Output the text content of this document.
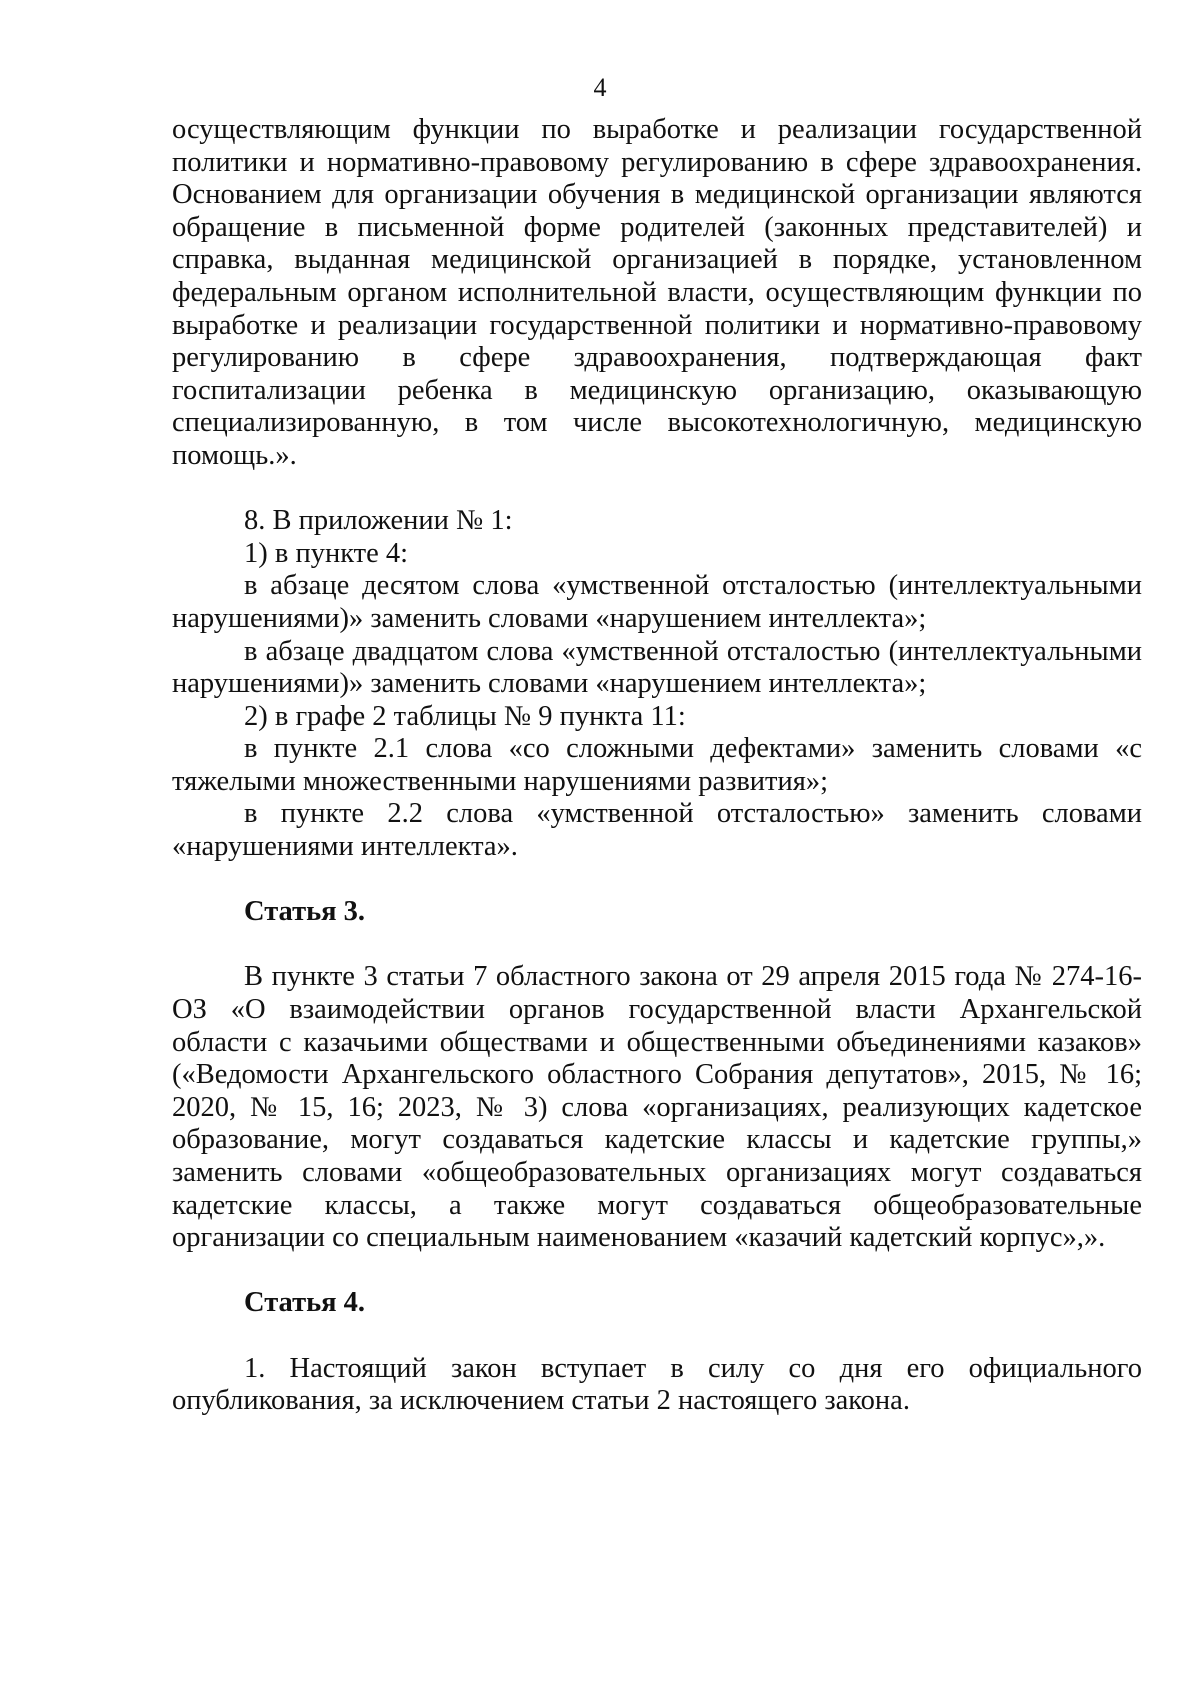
4

осуществляющим функции по выработке и реализации государственной политики и нормативно-правовому регулированию в сфере здравоохранения. Основанием для организации обучения в медицинской организации являются обращение в письменной форме родителей (законных представителей) и справка, выданная медицинской организацией в порядке, установленном федеральным органом исполнительной власти, осуществляющим функции по выработке и реализации государственной политики и нормативно-правовому регулированию в сфере здравоохранения, подтверждающая факт госпитализации ребенка в медицинскую организацию, оказывающую специализированную, в том числе высокотехнологичную, медицинскую помощь.».

8. В приложении № 1:

1) в пункте 4:

в абзаце десятом слова «умственной отсталостью (интеллектуальными нарушениями)» заменить словами «нарушением интеллекта»;

в абзаце двадцатом слова «умственной отсталостью (интеллектуальными нарушениями)» заменить словами «нарушением интеллекта»;

2) в графе 2 таблицы № 9 пункта 11:

в пункте 2.1 слова «со сложными дефектами» заменить словами «с тяжелыми множественными нарушениями развития»;

в пункте 2.2 слова «умственной отсталостью» заменить словами «нарушениями интеллекта».

Статья 3.

В пункте 3 статьи 7 областного закона от 29 апреля 2015 года № 274-16-ОЗ «О взаимодействии органов государственной власти Архангельской области с казачьими обществами и общественными объединениями казаков» («Ведомости Архангельского областного Собрания депутатов», 2015, № 16; 2020, № 15, 16; 2023, № 3) слова «организациях, реализующих кадетское образование, могут создаваться кадетские классы и кадетские группы,» заменить словами «общеобразовательных организациях могут создаваться кадетские классы, а также могут создаваться общеобразовательные организации со специальным наименованием «казачий кадетский корпус»,».

Статья 4.

1. Настоящий закон вступает в силу со дня его официального опубликования, за исключением статьи 2 настоящего закона.
